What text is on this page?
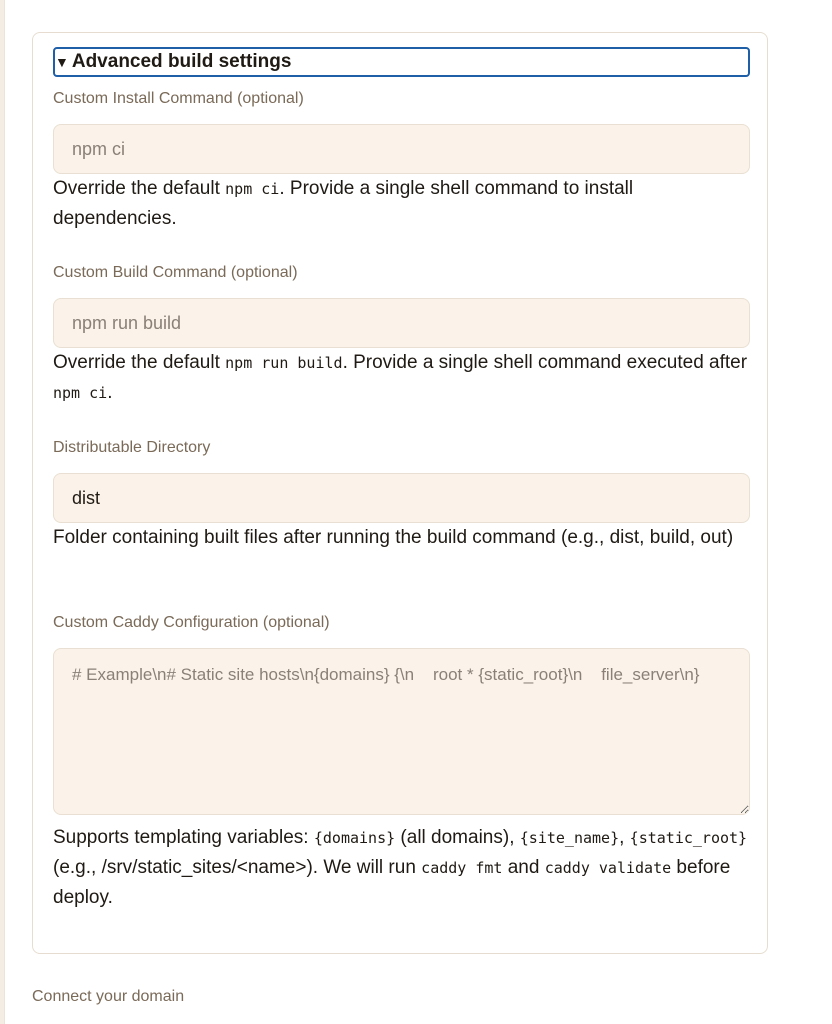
▼ Advanced build settings
Custom Install Command (optional)
npm ci
Override the default npm ci. Provide a single shell command to install dependencies.
Custom Build Command (optional)
npm run build
Override the default npm run build. Provide a single shell command executed after npm ci.
Distributable Directory
dist
Folder containing built files after running the build command (e.g., dist, build, out)
Custom Caddy Configuration (optional)
# Example\n# Static site hosts\n{domains} {\n root * {static_root}\n file_server\n}
Supports templating variables: {domains} (all domains), {site_name}, {static_root} (e.g., /srv/static_sites/<name>). We will run caddy fmt and caddy validate before deploy.
Connect your domain
